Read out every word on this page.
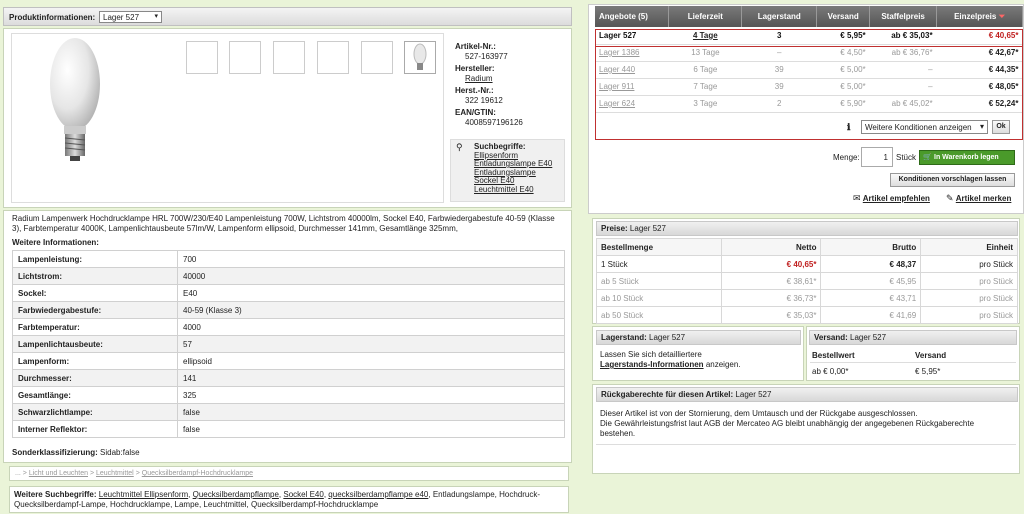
Produktinformationen: Lager 527 ▾
Artikel-Nr.:
527-163977
Hersteller:
Radium
Herst.-Nr.:
322 19612
EAN/GTIN:
4008597196126
⚲ Suchbegriffe:
Ellipsenform
Entladungslampe E40
Entladungslampe Sockel E40
Leuchtmittel E40
Radium Lampenwerk Hochdrucklampe HRL 700W/230/E40 Lampenleistung 700W, Lichtstrom 40000lm, Sockel E40, Farbwiedergabestufe 40-59 (Klasse 3), Farbtemperatur 4000K, Lampenlichtausbeute 57lm/W, Lampenform ellipsoid, Durchmesser 141mm, Gesamtlänge 325mm,
Weitere Informationen:
Lampenleistung:	700
Lichtstrom:	40000
Sockel:	E40
Farbwiedergabestufe:	40-59 (Klasse 3)
Farbtemperatur:	4000
Lampenlichtausbeute:	57
Lampenform:	ellipsoid
Durchmesser:	141
Gesamtlänge:	325
Schwarzlichtlampe:	false
Interner Reflektor:	false
Sonderklassifizierung: Sidab:false
... > Licht und Leuchten > Leuchtmittel > Quecksilberdampf-Hochdrucklampe
Weitere Suchbegriffe: Leuchtmittel Ellipsenform, Quecksilberdampflampe, Sockel E40, quecksilberdampflampe e40, Entladungslampe, Hochdruck-Quecksilberdampf-Lampe, Hochdrucklampe, Lampe, Leuchtmittel, Quecksilberdampf-Hochdrucklampe
Angebote (5)	Lieferzeit	Lagerstand	Versand	Staffelpreis	Einzelpreis ⏷
Lager 527	4 Tage	3	€ 5,95*	ab € 35,03*	€ 40,65*
Lager 1386	13 Tage	–	€ 4,50*	ab € 36,76*	€ 42,67*
Lager 440	6 Tage	39	€ 5,00*	–	€ 44,35*
Lager 911	7 Tage	39	€ 5,00*	–	€ 48,05*
Lager 624	3 Tage	2	€ 5,90*	ab € 45,02*	€ 52,24*
ℹ	Weitere Konditionen anzeigen ▾	Ok
Menge:	1	Stück 🛒 In Warenkorb legen
Konditionen vorschlagen lassen
✉ Artikel empfehlen ✎ Artikel merken
Preise: Lager 527
Bestellmenge	Netto	Brutto	Einheit
1 Stück	€ 40,65*	€ 48,37	pro Stück
ab 5 Stück	€ 38,61*	€ 45,95	pro Stück
ab 10 Stück	€ 36,73*	€ 43,71	pro Stück
ab 50 Stück	€ 35,03*	€ 41,69	pro Stück
Lagerstand: Lager 527
Lassen Sie sich detailliertere
Lagerstands-Informationen anzeigen.
Versand: Lager 527
Bestellwert	Versand
ab € 0,00*	€ 5,95*
Rückgaberechte für diesen Artikel: Lager 527
Dieser Artikel ist von der Stornierung, dem Umtausch und der Rückgabe ausgeschlossen.
Die Gewährleistungsfrist laut AGB der Mercateo AG bleibt unabhängig der angegebenen Rückgaberechte bestehen.
